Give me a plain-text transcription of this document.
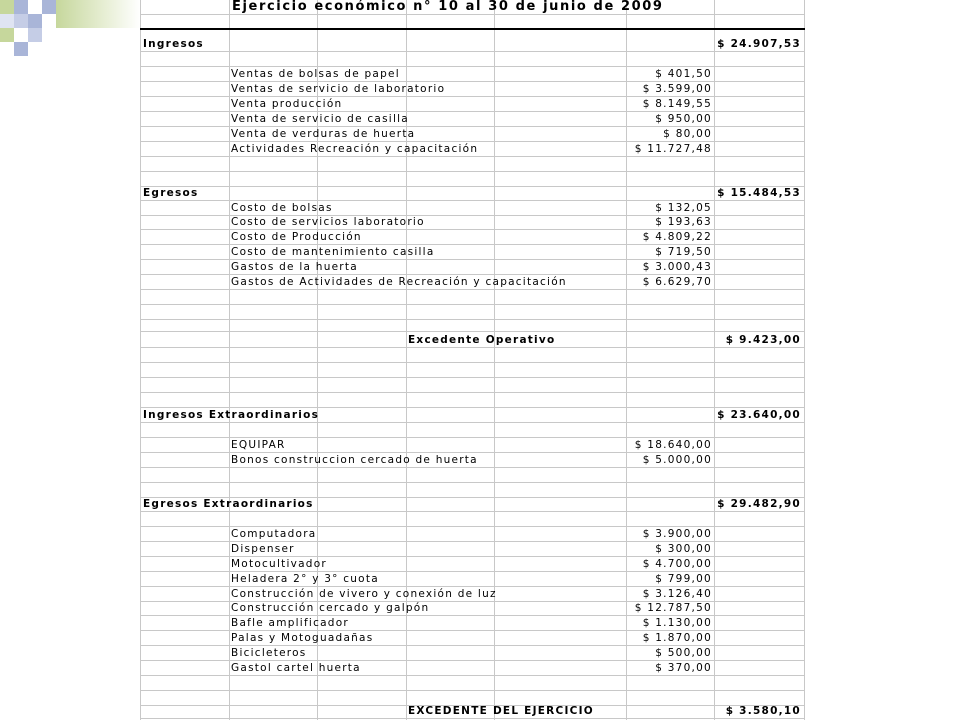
Ejercicio económico n° 10 al 30 de junio de 2009
Ingresos	$ 24.907,53
Ventas de bolsas de papel	$ 401,50
Ventas de servicio de laboratorio	$ 3.599,00
Venta producción	$ 8.149,55
Venta de servicio de casilla	$ 950,00
Venta de verduras de huerta	$ 80,00
Actividades Recreación y capacitación	$ 11.727,48
Egresos	$ 15.484,53
Costo de bolsas	$ 132,05
Costo de servicios laboratorio	$ 193,63
Costo de Producción	$ 4.809,22
Costo de mantenimiento casilla	$ 719,50
Gastos de la huerta	$ 3.000,43
Gastos de Actividades de Recreación y capacitación	$ 6.629,70
Excedente Operativo	$ 9.423,00
Ingresos Extraordinarios	$ 23.640,00
EQUIPAR	$ 18.640,00
Bonos construccion cercado de huerta	$ 5.000,00
Egresos Extraordinarios	$ 29.482,90
Computadora	$ 3.900,00
Dispenser	$ 300,00
Motocultivador	$ 4.700,00
Heladera 2° y 3° cuota	$ 799,00
Construcción de vivero y conexión de luz	$ 3.126,40
Construcción cercado y galpón	$ 12.787,50
Bafle amplificador	$ 1.130,00
Palas y Motoguadañas	$ 1.870,00
Bicicleteros	$ 500,00
Gastol cartel huerta	$ 370,00
EXCEDENTE DEL EJERCICIO	$ 3.580,10
